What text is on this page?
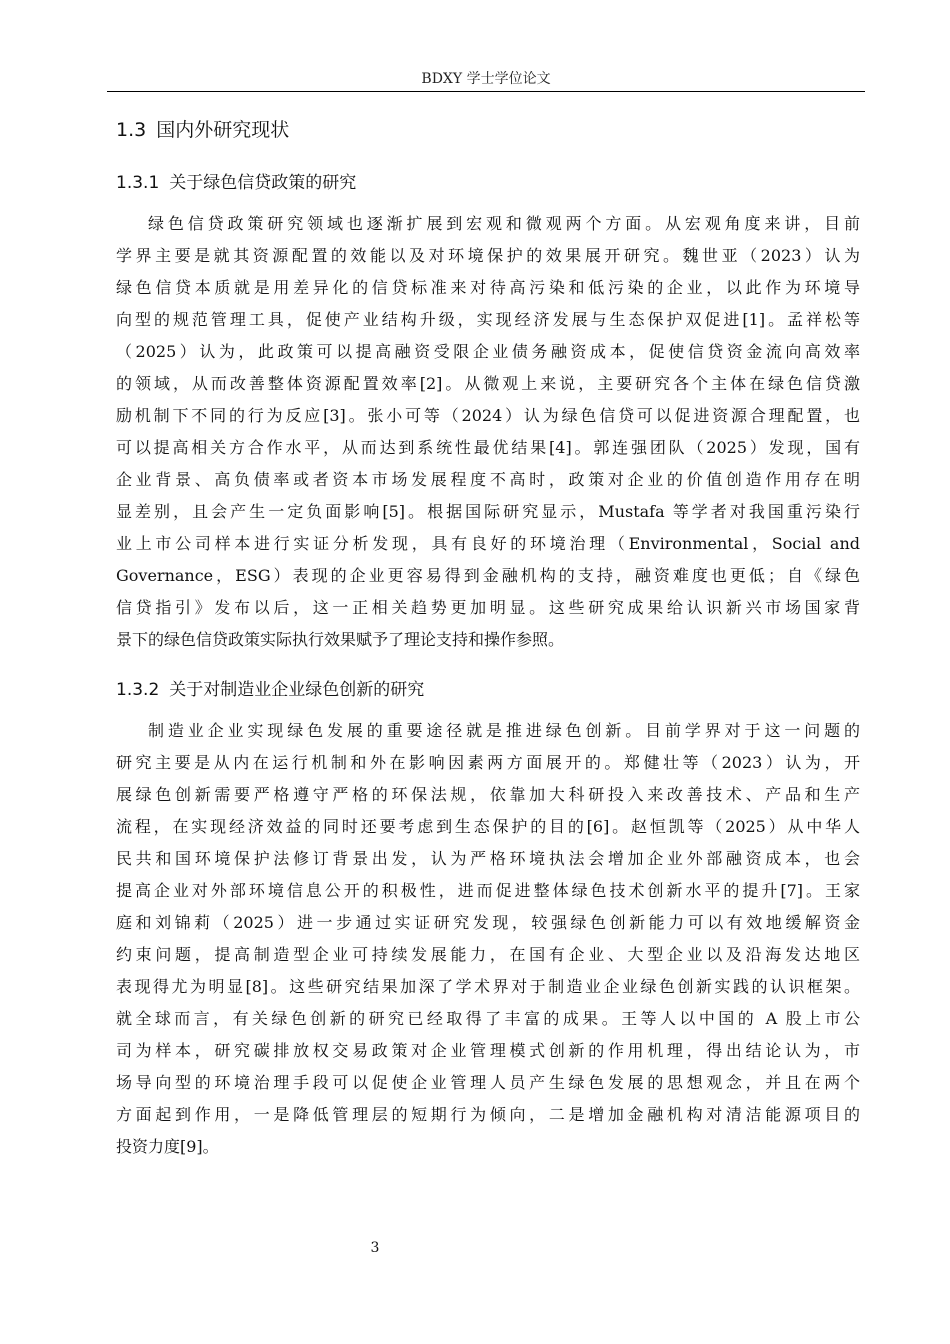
BDXY 学士学位论文
1.3 国内外研究现状
1.3.1 关于绿色信贷政策的研究
绿色信贷政策研究领域也逐渐扩展到宏观和微观两个方面。从宏观角度来讲，目前
学界主要是就其资源配置的效能以及对环境保护的效果展开研究。魏世亚（2023）认为
绿色信贷本质就是用差异化的信贷标准来对待高污染和低污染的企业，以此作为环境导
向型的规范管理工具，促使产业结构升级，实现经济发展与生态保护双促进[1]。孟祥松等
（2025）认为，此政策可以提高融资受限企业债务融资成本，促使信贷资金流向高效率
的领域，从而改善整体资源配置效率[2]。从微观上来说，主要研究各个主体在绿色信贷激
励机制下不同的行为反应[3]。张小可等（2024）认为绿色信贷可以促进资源合理配置，也
可以提高相关方合作水平，从而达到系统性最优结果[4]。郭连强团队（2025）发现，国有
企业背景、高负债率或者资本市场发展程度不高时，政策对企业的价值创造作用存在明
显差别，且会产生一定负面影响[5]。根据国际研究显示，Mustafa 等学者对我国重污染行
业上市公司样本进行实证分析发现，具有良好的环境治理（Environmental，Social and
Governance，ESG）表现的企业更容易得到金融机构的支持，融资难度也更低；自《绿色
信贷指引》发布以后，这一正相关趋势更加明显。这些研究成果给认识新兴市场国家背
景下的绿色信贷政策实际执行效果赋予了理论支持和操作参照。
1.3.2 关于对制造业企业绿色创新的研究
制造业企业实现绿色发展的重要途径就是推进绿色创新。目前学界对于这一问题的
研究主要是从内在运行机制和外在影响因素两方面展开的。郑健壮等（2023）认为，开
展绿色创新需要严格遵守严格的环保法规，依靠加大科研投入来改善技术、产品和生产
流程，在实现经济效益的同时还要考虑到生态保护的目的[6]。赵恒凯等（2025）从中华人
民共和国环境保护法修订背景出发，认为严格环境执法会增加企业外部融资成本，也会
提高企业对外部环境信息公开的积极性，进而促进整体绿色技术创新水平的提升[7]。王家
庭和刘锦莉（2025）进一步通过实证研究发现，较强绿色创新能力可以有效地缓解资金
约束问题，提高制造型企业可持续发展能力，在国有企业、大型企业以及沿海发达地区
表现得尤为明显[8]。这些研究结果加深了学术界对于制造业企业绿色创新实践的认识框架。
就全球而言，有关绿色创新的研究已经取得了丰富的成果。王等人以中国的 A 股上市公
司为样本，研究碳排放权交易政策对企业管理模式创新的作用机理，得出结论认为，市
场导向型的环境治理手段可以促使企业管理人员产生绿色发展的思想观念，并且在两个
方面起到作用，一是降低管理层的短期行为倾向，二是增加金融机构对清洁能源项目的
投资力度[9]。
3
